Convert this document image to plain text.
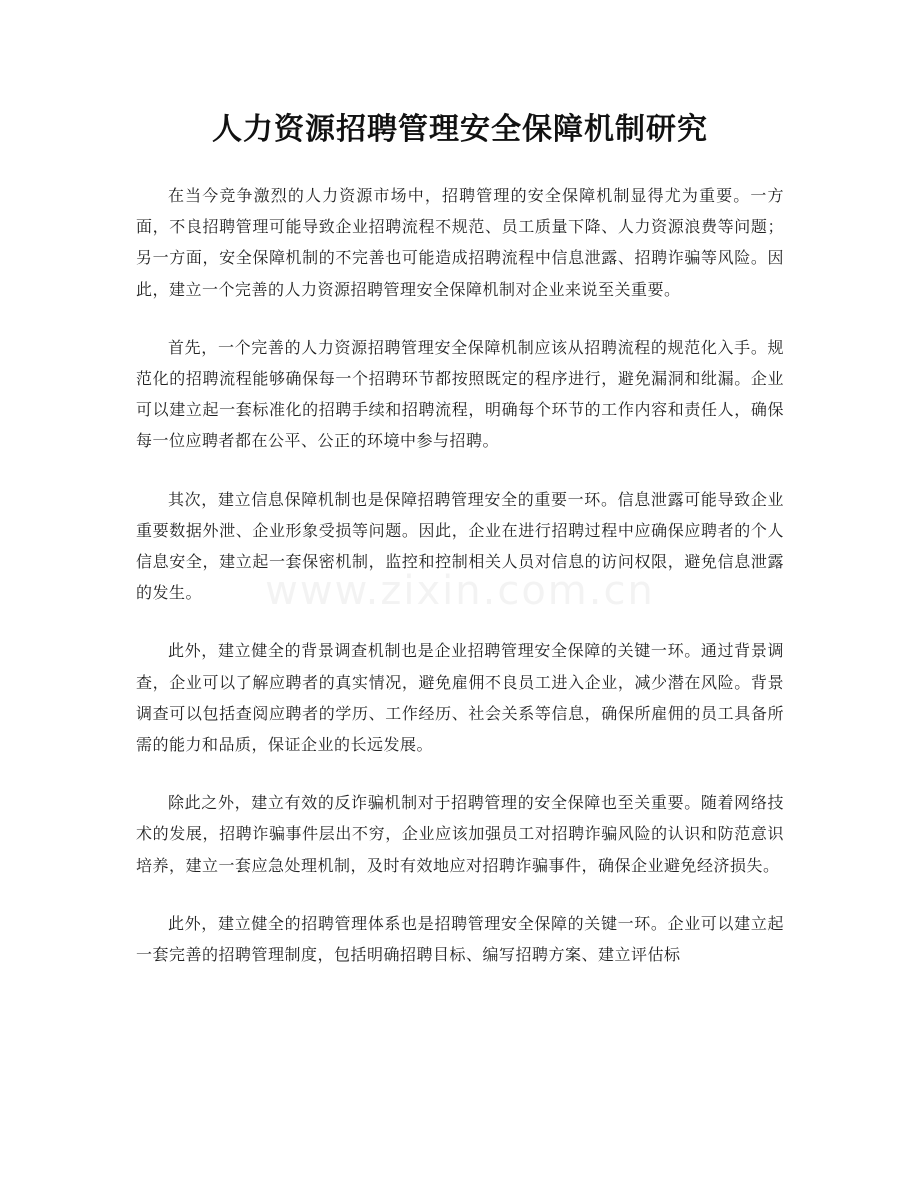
人力资源招聘管理安全保障机制研究
www.zixin.com.cn

在当今竞争激烈的人力资源市场中，招聘管理的安全保障机制显得尤为重要。一方面，不良招聘管理可能导致企业招聘流程不规范、员工质量下降、人力资源浪费等问题；另一方面，安全保障机制的不完善也可能造成招聘流程中信息泄露、招聘诈骗等风险。因此，建立一个完善的人力资源招聘管理安全保障机制对企业来说至关重要。

首先，一个完善的人力资源招聘管理安全保障机制应该从招聘流程的规范化入手。规范化的招聘流程能够确保每一个招聘环节都按照既定的程序进行，避免漏洞和纰漏。企业可以建立起一套标准化的招聘手续和招聘流程，明确每个环节的工作内容和责任人，确保每一位应聘者都在公平、公正的环境中参与招聘。

其次，建立信息保障机制也是保障招聘管理安全的重要一环。信息泄露可能导致企业重要数据外泄、企业形象受损等问题。因此，企业在进行招聘过程中应确保应聘者的个人信息安全，建立起一套保密机制，监控和控制相关人员对信息的访问权限，避免信息泄露的发生。

此外，建立健全的背景调查机制也是企业招聘管理安全保障的关键一环。通过背景调查，企业可以了解应聘者的真实情况，避免雇佣不良员工进入企业，减少潜在风险。背景调查可以包括查阅应聘者的学历、工作经历、社会关系等信息，确保所雇佣的员工具备所需的能力和品质，保证企业的长远发展。

除此之外，建立有效的反诈骗机制对于招聘管理的安全保障也至关重要。随着网络技术的发展，招聘诈骗事件层出不穷，企业应该加强员工对招聘诈骗风险的认识和防范意识培养，建立一套应急处理机制，及时有效地应对招聘诈骗事件，确保企业避免经济损失。

此外，建立健全的招聘管理体系也是招聘管理安全保障的关键一环。企业可以建立起一套完善的招聘管理制度，包括明确招聘目标、编写招聘方案、建立评估标
